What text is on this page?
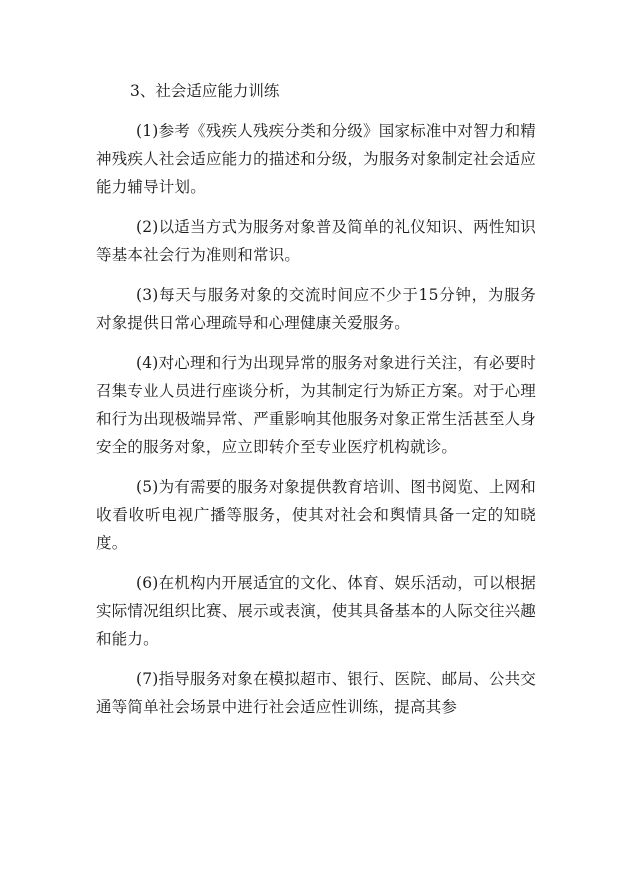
3、社会适应能力训练

(1)参考《残疾人残疾分类和分级》国家标准中对智力和精神残疾人社会适应能力的描述和分级，为服务对象制定社会适应能力辅导计划。

(2)以适当方式为服务对象普及简单的礼仪知识、两性知识等基本社会行为准则和常识。

(3)每天与服务对象的交流时间应不少于15分钟，为服务对象提供日常心理疏导和心理健康关爱服务。

(4)对心理和行为出现异常的服务对象进行关注，有必要时召集专业人员进行座谈分析，为其制定行为矫正方案。对于心理和行为出现极端异常、严重影响其他服务对象正常生活甚至人身安全的服务对象，应立即转介至专业医疗机构就诊。

(5)为有需要的服务对象提供教育培训、图书阅览、上网和收看收听电视广播等服务，使其对社会和舆情具备一定的知晓度。

(6)在机构内开展适宜的文化、体育、娱乐活动，可以根据实际情况组织比赛、展示或表演，使其具备基本的人际交往兴趣和能力。

(7)指导服务对象在模拟超市、银行、医院、邮局、公共交通等简单社会场景中进行社会适应性训练，提高其参
